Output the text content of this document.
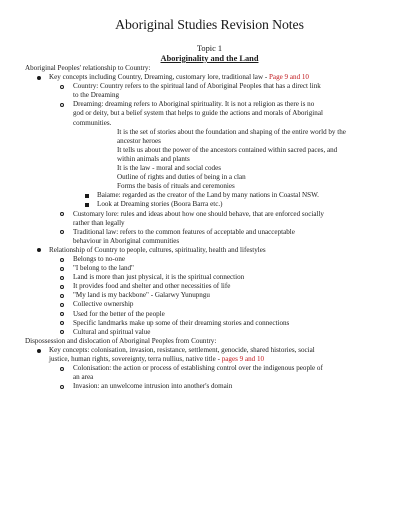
Aboriginal Studies Revision Notes
Topic 1
Aboriginality and the Land
Aboriginal Peoples' relationship to Country:
Key concepts including Country, Dreaming, customary lore, traditional law - Page 9 and 10
Country: Country refers to the spiritual land of Aboriginal Peoples that has a direct link
to the Dreaming
Dreaming: dreaming refers to Aboriginal spirituality. It is not a religion as there is no
god or deity, but a belief system that helps to guide the actions and morals of Aboriginal
communities.
It is the set of stories about the foundation and shaping of the entire world by the
ancestor heroes
It tells us about the power of the ancestors contained within sacred paces, and
within animals and plants
It is the law - moral and social codes
Outline of rights and duties of being in a clan
Forms the basis of rituals and ceremonies
Baiame: regarded as the creator of the Land by many nations in Coastal NSW.
Look at Dreaming stories (Boora Barra etc.)
Customary lore: rules and ideas about how one should behave, that are enforced socially
rather than legally
Traditional law: refers to the common features of acceptable and unacceptable
behaviour in Aboriginal communities
Relationship of Country to people, cultures, spirituality, health and lifestyles
Belongs to no-one
"I belong to the land"
Land is more than just physical, it is the spiritual connection
It provides food and shelter and other necessities of life
"My land is my backbone" - Galarwy Yunupngu
Collective ownership
Used for the better of the people
Specific landmarks make up some of their dreaming stories and connections
Cultural and spiritual value
Dispossession and dislocation of Aboriginal Peoples from Country:
Key concepts: colonisation, invasion, resistance, settlement, genocide, shared histories, social
justice, human rights, sovereignty, terra nullius, native title - pages 9 and 10
Colonisation: the action or process of establishing control over the indigenous people of
an area
Invasion: an unwelcome intrusion into another's domain
